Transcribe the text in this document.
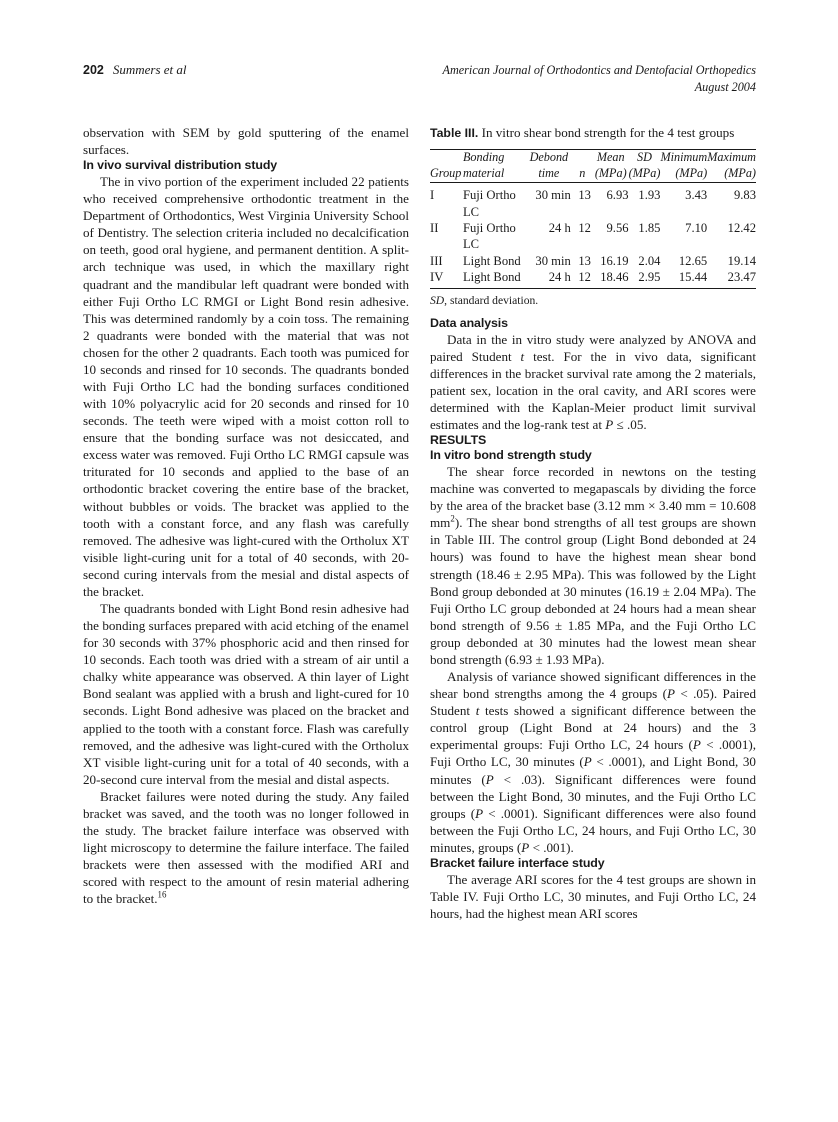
202 Summers et al	American Journal of Orthodontics and Dentofacial Orthopedics
August 2004

observation with SEM by gold sputtering of the enamel surfaces.

In vivo survival distribution study

The in vivo portion of the experiment included 22 patients who received comprehensive orthodontic treatment in the Department of Orthodontics, West Virginia University School of Dentistry. The selection criteria included no decalcification on teeth, good oral hygiene, and permanent dentition. A split-arch technique was used, in which the maxillary right quadrant and the mandibular left quadrant were bonded with either Fuji Ortho LC RMGI or Light Bond resin adhesive. This was determined randomly by a coin toss. The remaining 2 quadrants were bonded with the material that was not chosen for the other 2 quadrants. Each tooth was pumiced for 10 seconds and rinsed for 10 seconds. The quadrants bonded with Fuji Ortho LC had the bonding surfaces conditioned with 10% polyacrylic acid for 20 seconds and rinsed for 10 seconds. The teeth were wiped with a moist cotton roll to ensure that the bonding surface was not desiccated, and excess water was removed. Fuji Ortho LC RMGI capsule was triturated for 10 seconds and applied to the base of an orthodontic bracket covering the entire base of the bracket, without bubbles or voids. The bracket was applied to the tooth with a constant force, and any flash was carefully removed. The adhesive was light-cured with the Ortholux XT visible light-curing unit for a total of 40 seconds, with 20-second curing intervals from the mesial and distal aspects of the bracket.

The quadrants bonded with Light Bond resin adhesive had the bonding surfaces prepared with acid etching of the enamel for 30 seconds with 37% phosphoric acid and then rinsed for 10 seconds. Each tooth was dried with a stream of air until a chalky white appearance was observed. A thin layer of Light Bond sealant was applied with a brush and light-cured for 10 seconds. Light Bond adhesive was placed on the bracket and applied to the tooth with a constant force. Flash was carefully removed, and the adhesive was light-cured with the Ortholux XT visible light-curing unit for a total of 40 seconds, with a 20-second cure interval from the mesial and distal aspects.

Bracket failures were noted during the study. Any failed bracket was saved, and the tooth was no longer followed in the study. The bracket failure interface was observed with light microscopy to determine the failure interface. The failed brackets were then assessed with the modified ARI and scored with respect to the amount of resin material adhering to the bracket.$^{16}$

Table III. In vitro shear bond strength for the 4 test groups
	Bonding	Debond		Mean	SD	Minimum	Maximum
Group	material	time	n	(MPa)	(MPa)	(MPa)	(MPa)
I	Fuji Ortho LC	30 min	13	6.93	1.93	3.43	9.83
II	Fuji Ortho LC	24 h	12	9.56	1.85	7.10	12.42
III	Light Bond	30 min	13	16.19	2.04	12.65	19.14
IV	Light Bond	24 h	12	18.46	2.95	15.44	23.47
SD, standard deviation.
Data analysis

Data in the in vitro study were analyzed by ANOVA and paired Student t test. For the in vivo data, significant differences in the bracket survival rate among the 2 materials, patient sex, location in the oral cavity, and ARI scores were determined with the Kaplan-Meier product limit survival estimates and the log-rank test at P ≤ .05.

RESULTS
In vitro bond strength study

The shear force recorded in newtons on the testing machine was converted to megapascals by dividing the force by the area of the bracket base (3.12 mm × 3.40 mm = 10.608 $mm^2$). The shear bond strengths of all test groups are shown in Table III. The control group (Light Bond debonded at 24 hours) was found to have the highest mean shear bond strength (18.46 ± 2.95 MPa). This was followed by the Light Bond group debonded at 30 minutes (16.19 ± 2.04 MPa). The Fuji Ortho LC group debonded at 24 hours had a mean shear bond strength of 9.56 ± 1.85 MPa, and the Fuji Ortho LC group debonded at 30 minutes had the lowest mean shear bond strength (6.93 ± 1.93 MPa).

Analysis of variance showed significant differences in the shear bond strengths among the 4 groups (P < .05). Paired Student t tests showed a significant difference between the control group (Light Bond at 24 hours) and the 3 experimental groups: Fuji Ortho LC, 24 hours (P < .0001), Fuji Ortho LC, 30 minutes (P < .0001), and Light Bond, 30 minutes (P < .03). Significant differences were found between the Light Bond, 30 minutes, and the Fuji Ortho LC groups (P < .0001). Significant differences were also found between the Fuji Ortho LC, 24 hours, and Fuji Ortho LC, 30 minutes, groups (P < .001).

Bracket failure interface study

The average ARI scores for the 4 test groups are shown in Table IV. Fuji Ortho LC, 30 minutes, and Fuji Ortho LC, 24 hours, had the highest mean ARI scores
